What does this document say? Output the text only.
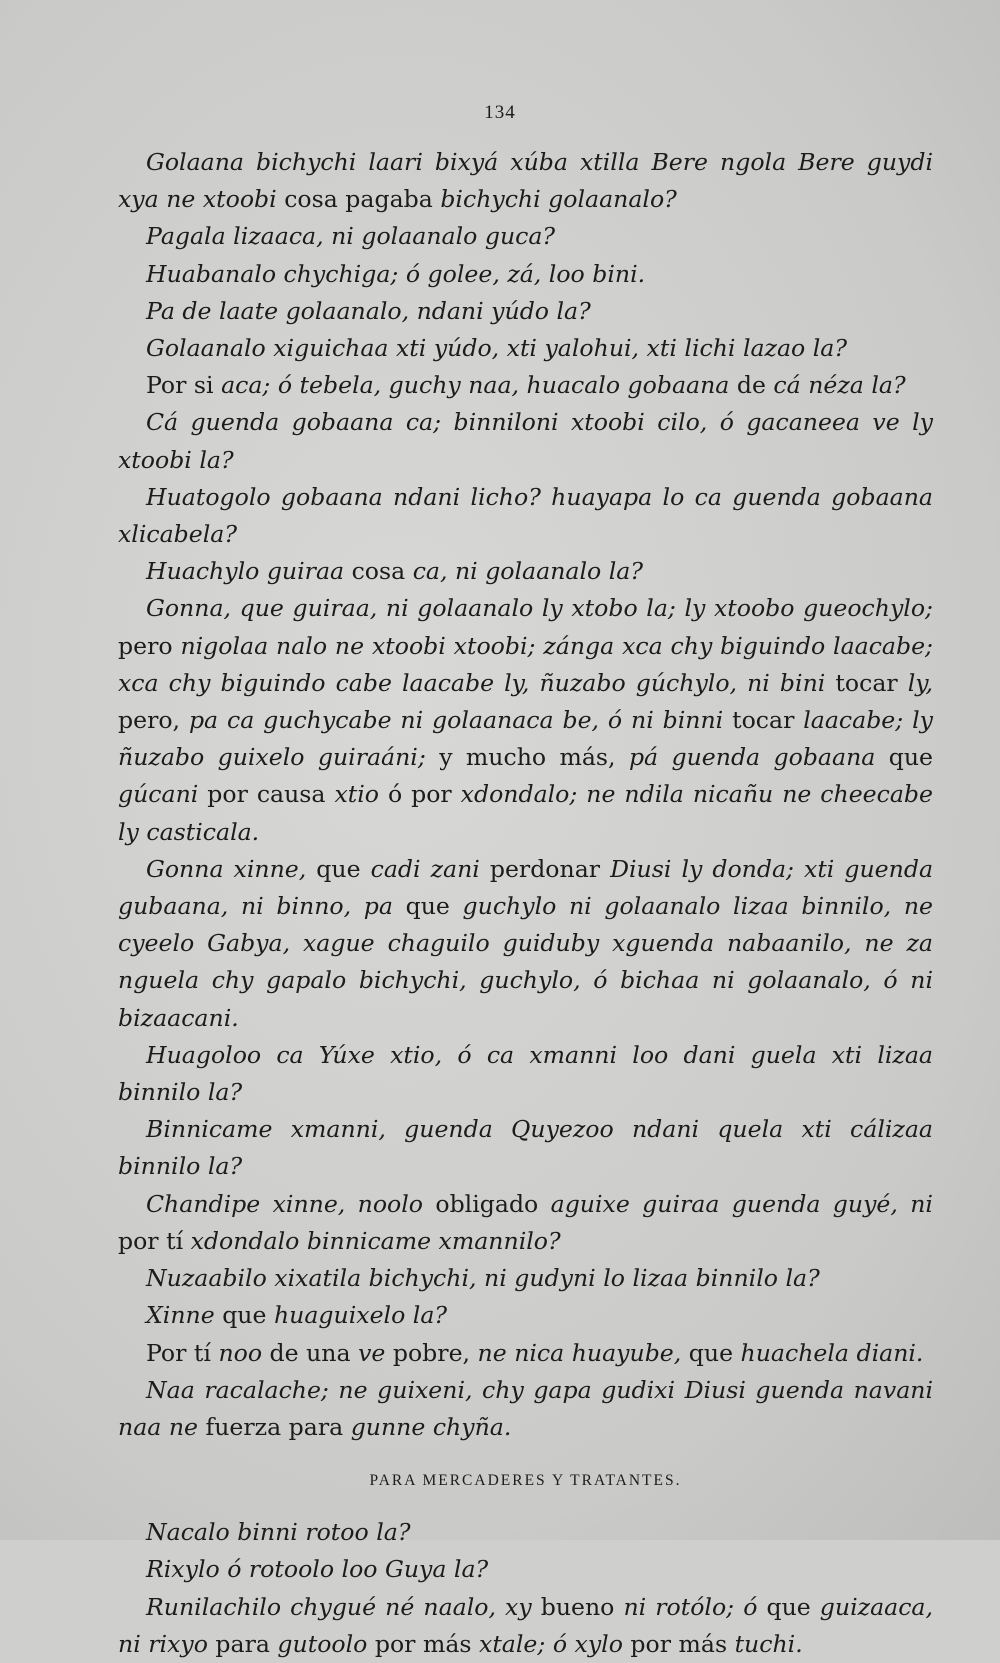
134

Golaana bichychi laari bixyá xúba xtilla Bere ngola Bere guydi xya ne xtoobi cosa pagaba bichychi golaanalo?

Pagala lizaaca, ni golaanalo guca?

Huabanalo chychiga; ó golee, zá, loo bini.

Pa de laate golaanalo, ndani yúdo la?

Golaanalo xiguichaa xti yúdo, xti yalohui, xti lichi lazao la?

Por si aca; ó tebela, guchy naa, huacalo gobaana de cá néza la?

Cá guenda gobaana ca; binniloni xtoobi cilo, ó gacaneea ve ly xtoobi la?

Huatogolo gobaana ndani licho? huayapa lo ca guenda gobaana xlicabela?

Huachylo guiraa cosa ca, ni golaanalo la?

Gonna, que guiraa, ni golaanalo ly xtobo la; ly xtoobo gueochylo; pero nigolaa nalo ne xtoobi xtoobi; zánga xca chy biguindo laacabe; xca chy biguindo cabe laacabe ly, ñuzabo gúchylo, ni bini tocar ly, pero, pa ca guchycabe ni golaanaca be, ó ni binni tocar laacabe; ly ñuzabo guixelo guiraáni; y mucho más, pá guenda gobaana que gúcani por causa xtio ó por xdondalo; ne ndila nicañu ne cheecabe ly casticala.

Gonna xinne, que cadi zani perdonar Diusi ly donda; xti guenda gubaana, ni binno, pa que guchylo ni golaanalo lizaa binnilo, ne cyeelo Gabya, xague chaguilo guiduby xguenda nabaanilo, ne za nguela chy gapalo bichychi, guchylo, ó bichaa ni golaanalo, ó ni bizaacani.

Huagoloo ca Yúxe xtio, ó ca xmanni loo dani guela xti lizaa binnilo la?

Binnicame xmanni, guenda Quyezoo ndani quela xti cálizaa binnilo la?

Chandipe xinne, noolo obligado aguixe guiraa guenda guyé, ni por tí xdondalo binnicame xmannilo?

Nuzaabilo xixatila bichychi, ni gudyni lo lizaa binnilo la?

Xinne que huaguixelo la?

Por tí noo de una ve pobre, ne nica huayube, que huachela diani.

Naa racalache; ne guixeni, chy gapa gudixi Diusi guenda navani naa ne fuerza para gunne chyña.

PARA MERCADERES Y TRATANTES.

Nacalo binni rotoo la?

Rixylo ó rotoolo loo Guya la?

Runilachilo chygué né naalo, xy bueno ni rotólo; ó que guizaaca, ni rixyo para gutoolo por más xtale; ó xylo por más tuchi.
